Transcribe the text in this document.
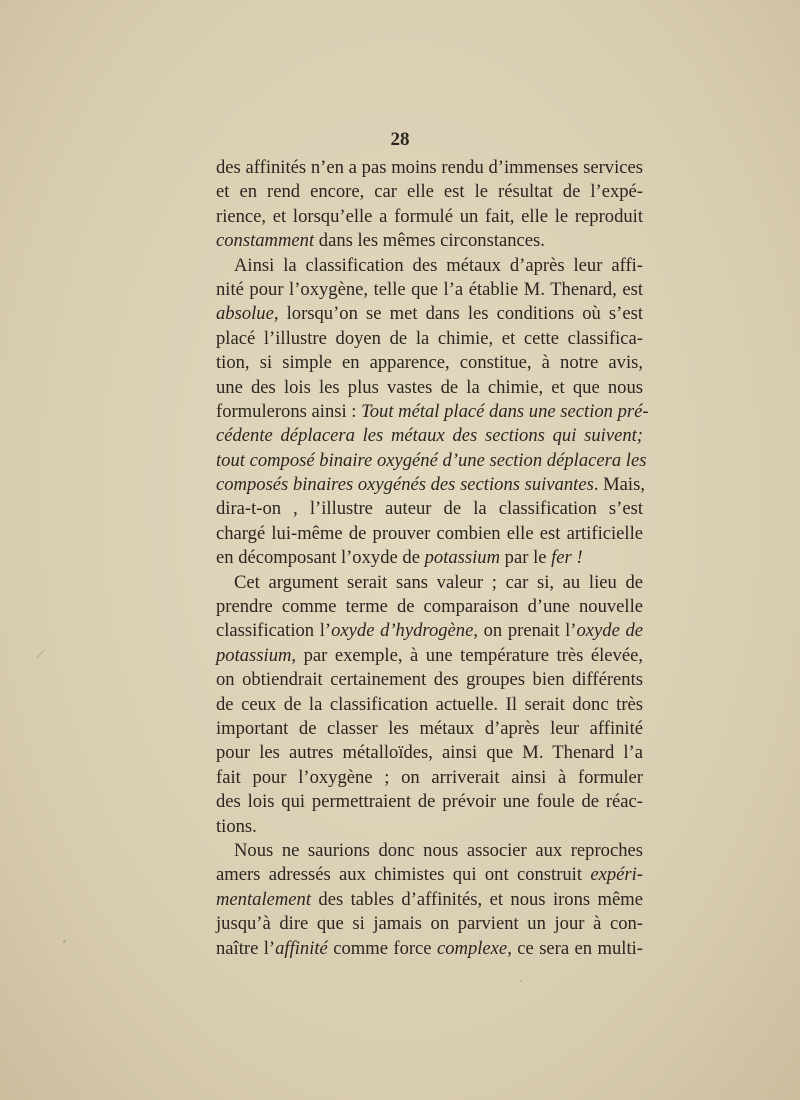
28
des affinités n’en a pas moins rendu d’immenses services
et en rend encore, car elle est le résultat de l’expé-
rience, et lorsqu’elle a formulé un fait, elle le reproduit
constamment dans les mêmes circonstances.
Ainsi la classification des métaux d’après leur affi-
nité pour l’oxygène, telle que l’a établie M. Thenard, est
absolue, lorsqu’on se met dans les conditions où s’est
placé l’illustre doyen de la chimie, et cette classifica-
tion, si simple en apparence, constitue, à notre avis,
une des lois les plus vastes de la chimie, et que nous
formulerons ainsi : Tout métal placé dans une section pré-
cédente déplacera les métaux des sections qui suivent;
tout composé binaire oxygéné d’une section déplacera les
composés binaires oxygénés des sections suivantes. Mais,
dira-t-on , l’illustre auteur de la classification s’est
chargé lui-même de prouver combien elle est artificielle
en décomposant l’oxyde de potassium par le fer !
Cet argument serait sans valeur ; car si, au lieu de
prendre comme terme de comparaison d’une nouvelle
classification l’oxyde d’hydrogène, on prenait l’oxyde de
potassium, par exemple, à une température très élevée,
on obtiendrait certainement des groupes bien différents
de ceux de la classification actuelle. Il serait donc très
important de classer les métaux d’après leur affinité
pour les autres métalloïdes, ainsi que M. Thenard l’a
fait pour l’oxygène ; on arriverait ainsi à formuler
des lois qui permettraient de prévoir une foule de réac-
tions.
Nous ne saurions donc nous associer aux reproches
amers adressés aux chimistes qui ont construit expéri-
mentalement des tables d’affinités, et nous irons même
jusqu’à dire que si jamais on parvient un jour à con-
naître l’affinité comme force complexe, ce sera en multi-
